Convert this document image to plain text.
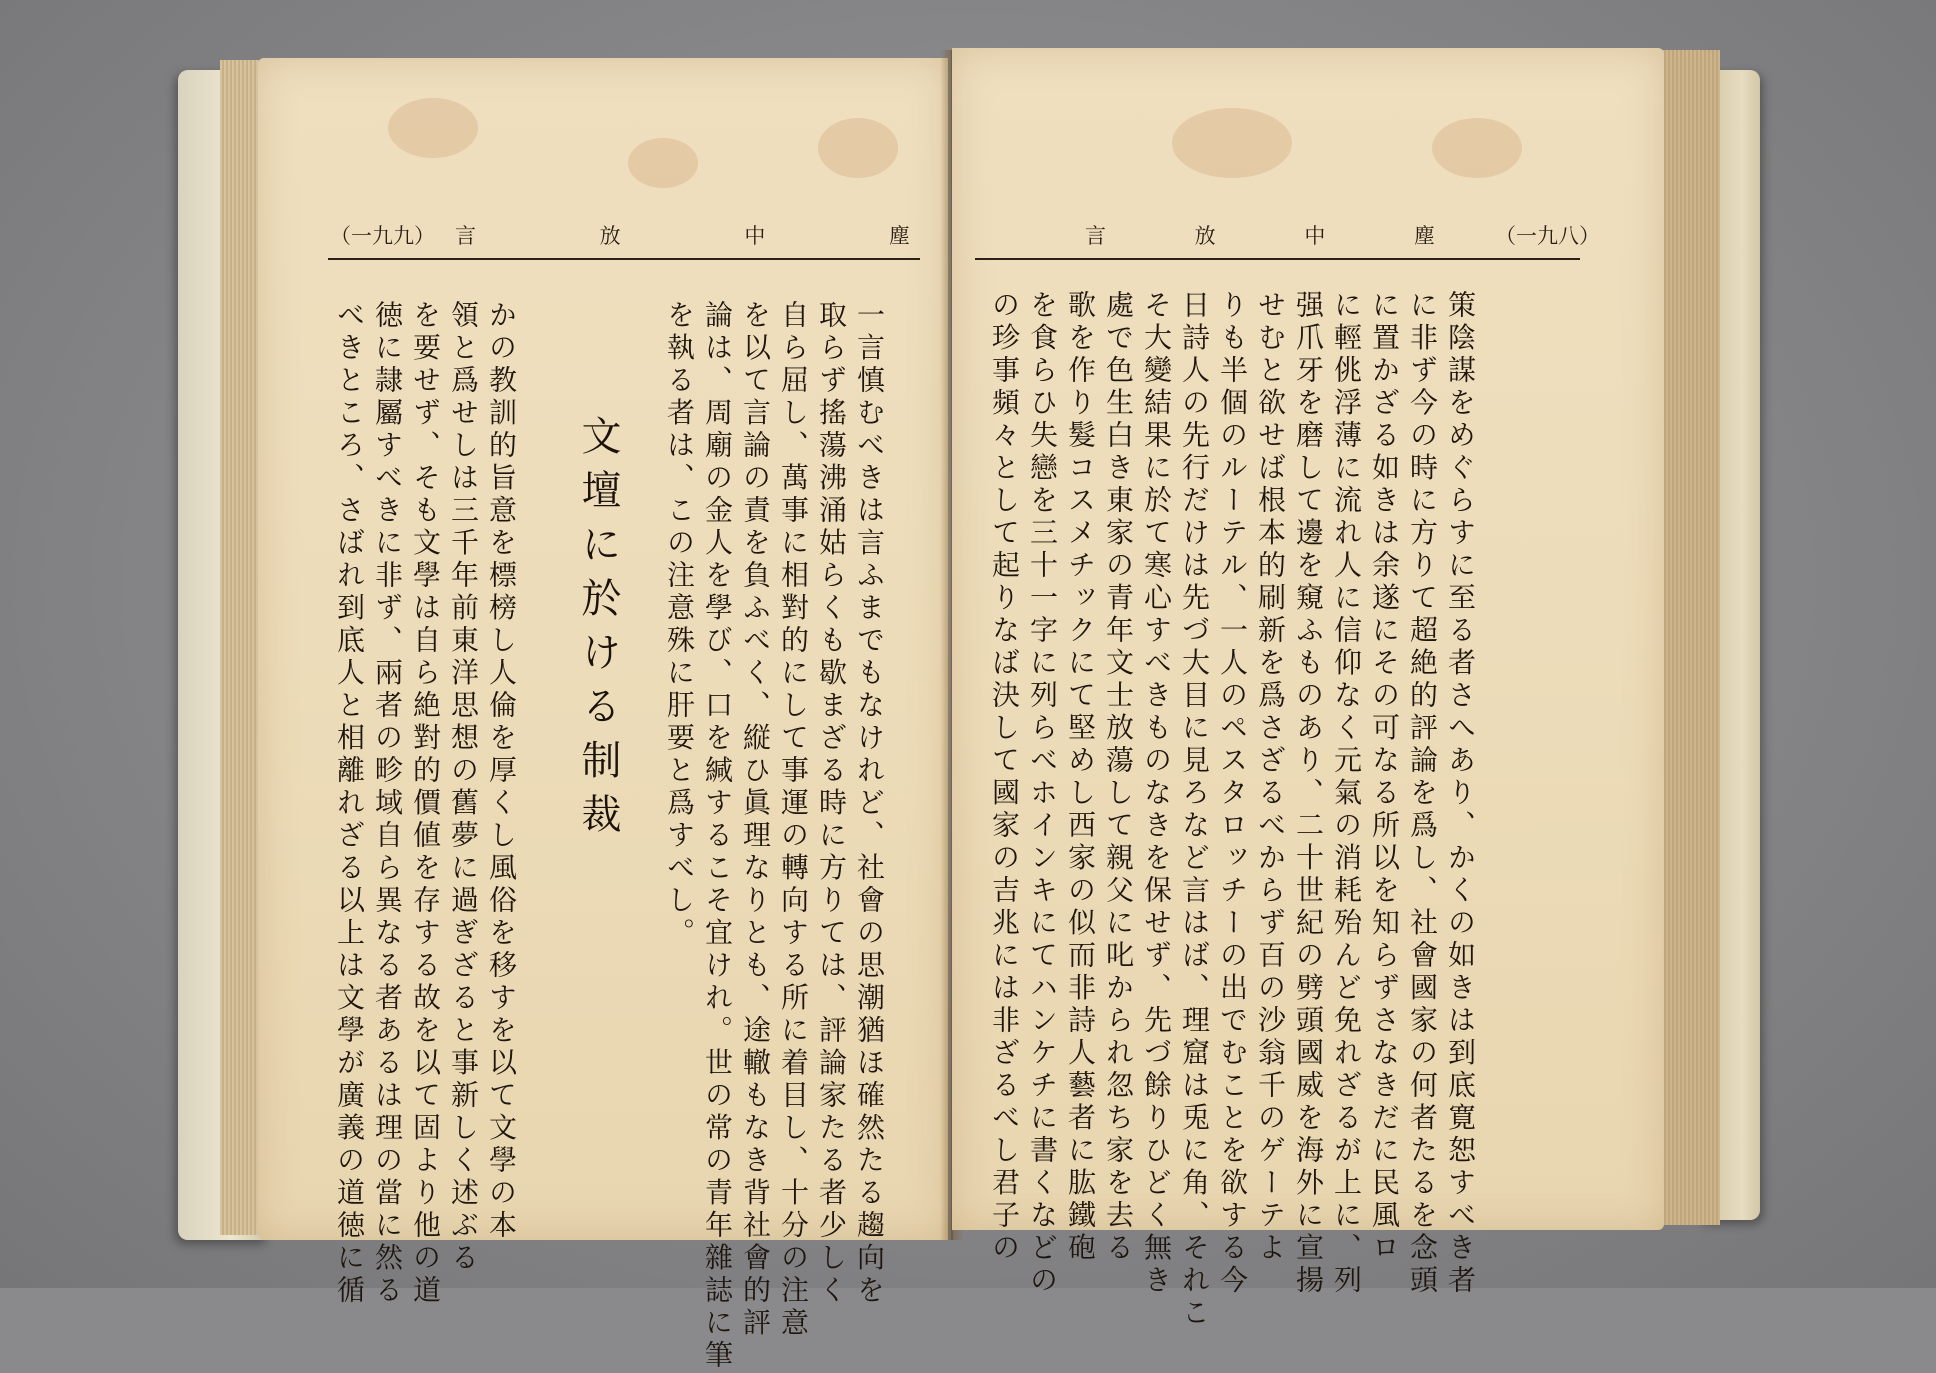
（一九九） 言	放	中	塵	言	放	中	塵	（一九八）
一言慎むべきは言ふまでもなけれど、社會の思潮猶ほ確然たる趨向を
取らず搖蕩沸涌姑らくも歇まざる時に方りては、評論家たる者少しく
自ら屈し、萬事に相對的にして事運の轉向する所に着目し、十分の注意
を以て言論の責を負ふべく、縦ひ眞理なりとも、途轍もなき背社會的評
論は、周廟の金人を學び、口を緘するこそ宜けれ。世の常の青年雜誌に筆
を執る者は、この注意殊に肝要と爲すべし。
文壇に於ける制裁
かの教訓的旨意を標榜し人倫を厚くし風俗を移すを以て文學の本
領と爲せしは三千年前東洋思想の舊夢に過ぎざると事新しく述ぶる
を要せず、そも文學は自ら絶對的價値を存する故を以て固より他の道
徳に隷屬すべきに非ず、兩者の畛域自ら異なる者あるは理の當に然る
べきところ、さばれ到底人と相離れざる以上は文學が廣義の道徳に循	策陰謀をめぐらすに至る者さへあり、かくの如きは到底寛恕すべき者
に非ず今の時に方りて超絶的評論を爲し、社會國家の何者たるを念頭
に置かざる如きは余遂にその可なる所以を知らずさなきだに民風ロ
に輕佻浮薄に流れ人に信仰なく元氣の消耗殆んど免れざるが上に、列
强爪牙を磨して邊を窺ふものあり、二十世紀の劈頭國威を海外に宣揚
せむと欲せば根本的刷新を爲さざるべからず百の沙翁千のゲーテよ
りも半個のルーテル、一人のペスタロッチーの出でむことを欲する今
日詩人の先行だけは先づ大目に見ろなど言はば、理窟は兎に角、それこ
そ大變結果に於て寒心すべきものなきを保せず、先づ餘りひどく無き
處で色生白き東家の青年文士放蕩して親父に叱かられ忽ち家を去る
歌を作り髮コスメチックにて堅めし西家の似而非詩人藝者に肱鐵砲
を食らひ失戀を三十一字に列らべホインキにてハンケチに書くなどの
の珍事頻々として起りなば決して國家の吉兆には非ざるべし君子の
